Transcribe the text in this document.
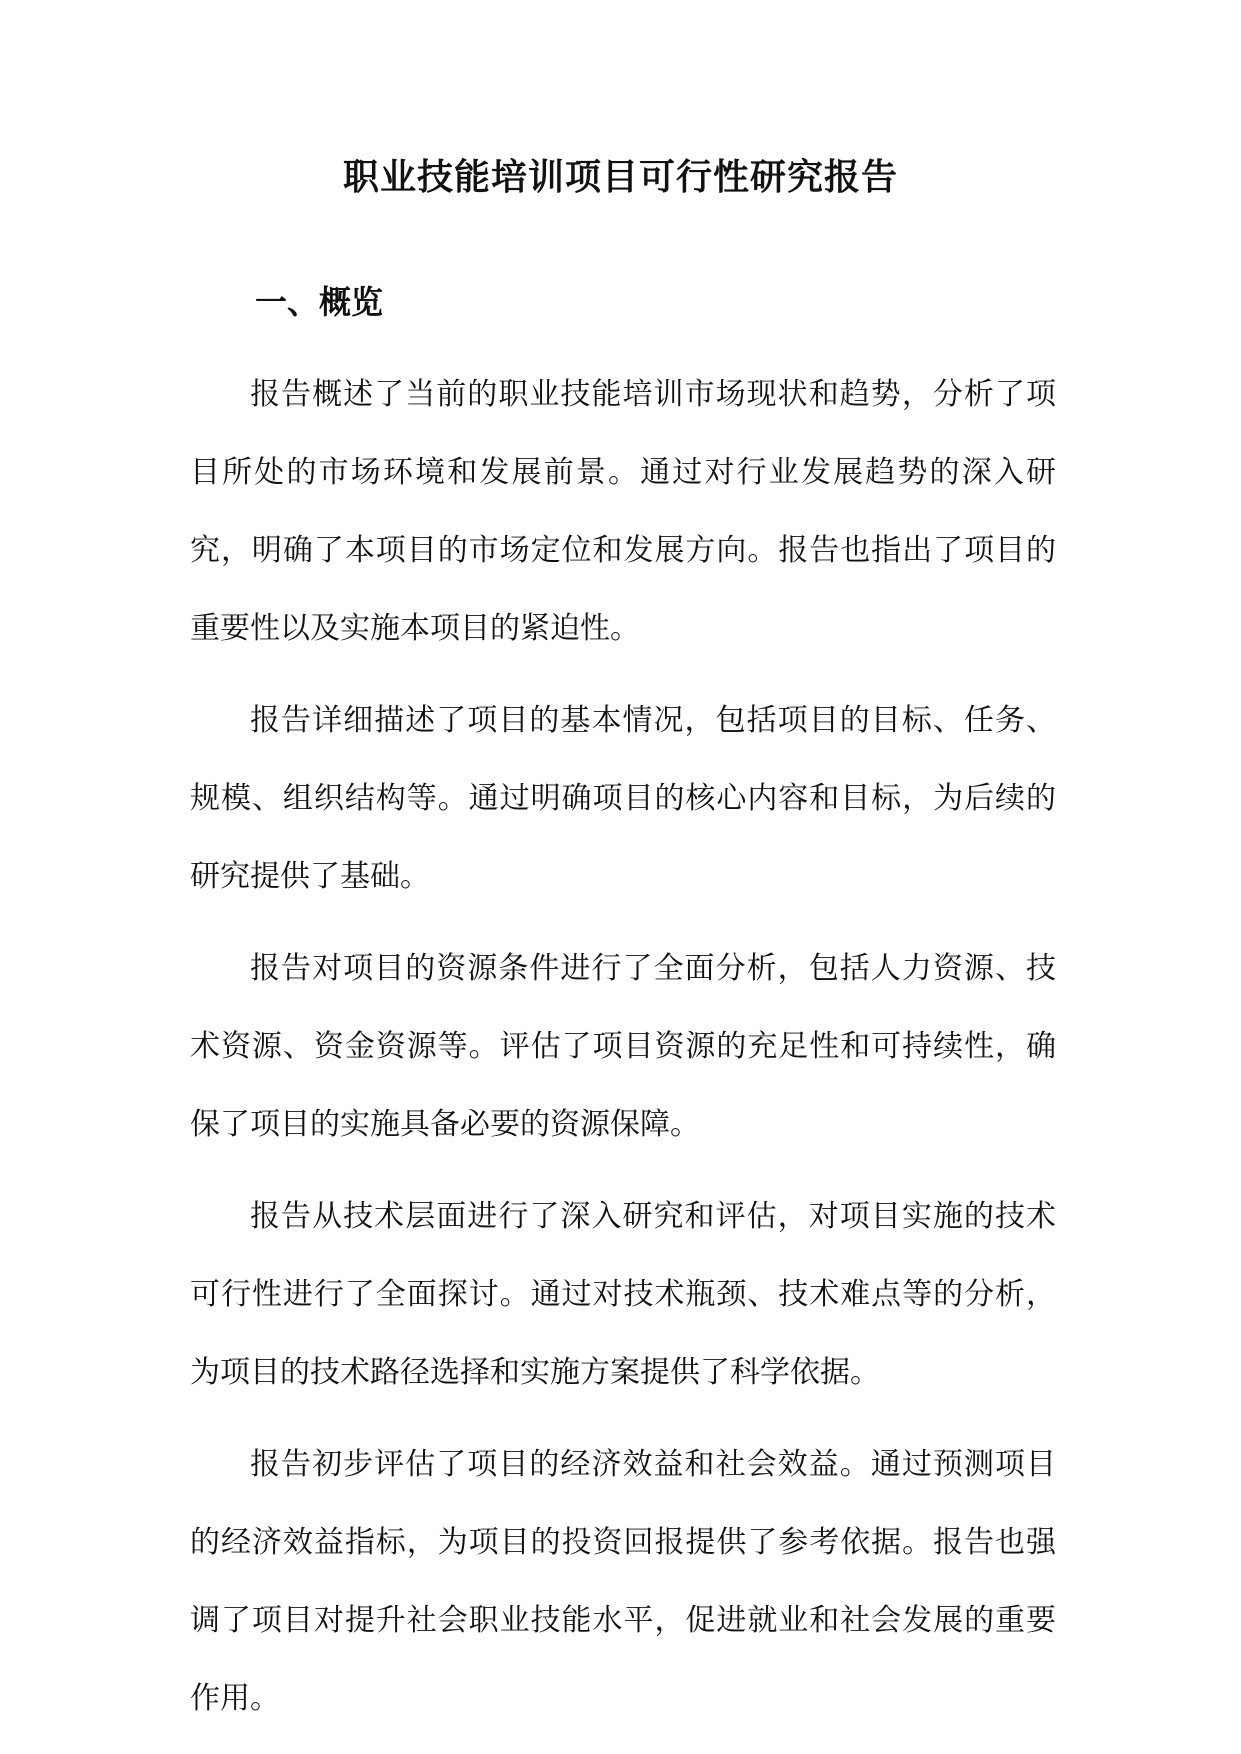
职业技能培训项目可行性研究报告
一、概览

报告概述了当前的职业技能培训市场现状和趋势，分析了项目所处的市场环境和发展前景。通过对行业发展趋势的深入研究，明确了本项目的市场定位和发展方向。报告也指出了项目的重要性以及实施本项目的紧迫性。

报告详细描述了项目的基本情况，包括项目的目标、任务、规模、组织结构等。通过明确项目的核心内容和目标，为后续的研究提供了基础。

报告对项目的资源条件进行了全面分析，包括人力资源、技术资源、资金资源等。评估了项目资源的充足性和可持续性，确保了项目的实施具备必要的资源保障。

报告从技术层面进行了深入研究和评估，对项目实施的技术可行性进行了全面探讨。通过对技术瓶颈、技术难点等的分析，为项目的技术路径选择和实施方案提供了科学依据。

报告初步评估了项目的经济效益和社会效益。通过预测项目的经济效益指标，为项目的投资回报提供了参考依据。报告也强调了项目对提升社会职业技能水平，促进就业和社会发展的重要作用。
